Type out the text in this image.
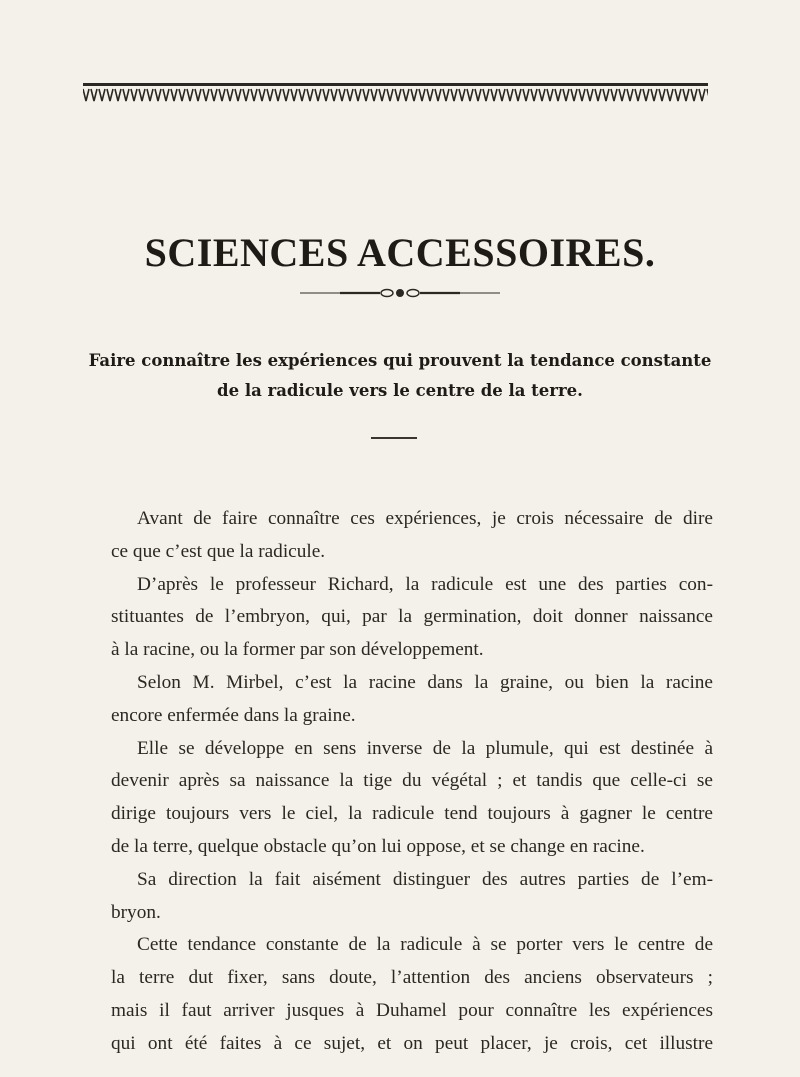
SCIENCES ACCESSOIRES.
Faire connaître les expériences qui prouvent la tendance constante
de la radicule vers le centre de la terre.
Avant de faire connaître ces expériences, je crois nécessaire de dire
ce que c’est que la radicule.
D’après le professeur Richard, la radicule est une des parties con-
stituantes de l’embryon, qui, par la germination, doit donner naissance
à la racine, ou la former par son développement.
Selon M. Mirbel, c’est la racine dans la graine, ou bien la racine
encore enfermée dans la graine.
Elle se développe en sens inverse de la plumule, qui est destinée à
devenir après sa naissance la tige du végétal ; et tandis que celle-ci se
dirige toujours vers le ciel, la radicule tend toujours à gagner le centre
de la terre, quelque obstacle qu’on lui oppose, et se change en racine.
Sa direction la fait aisément distinguer des autres parties de l’em-
bryon.
Cette tendance constante de la radicule à se porter vers le centre de
la terre dut fixer, sans doute, l’attention des anciens observateurs ;
mais il faut arriver jusques à Duhamel pour connaître les expériences
qui ont été faites à ce sujet, et on peut placer, je crois, cet illustre
